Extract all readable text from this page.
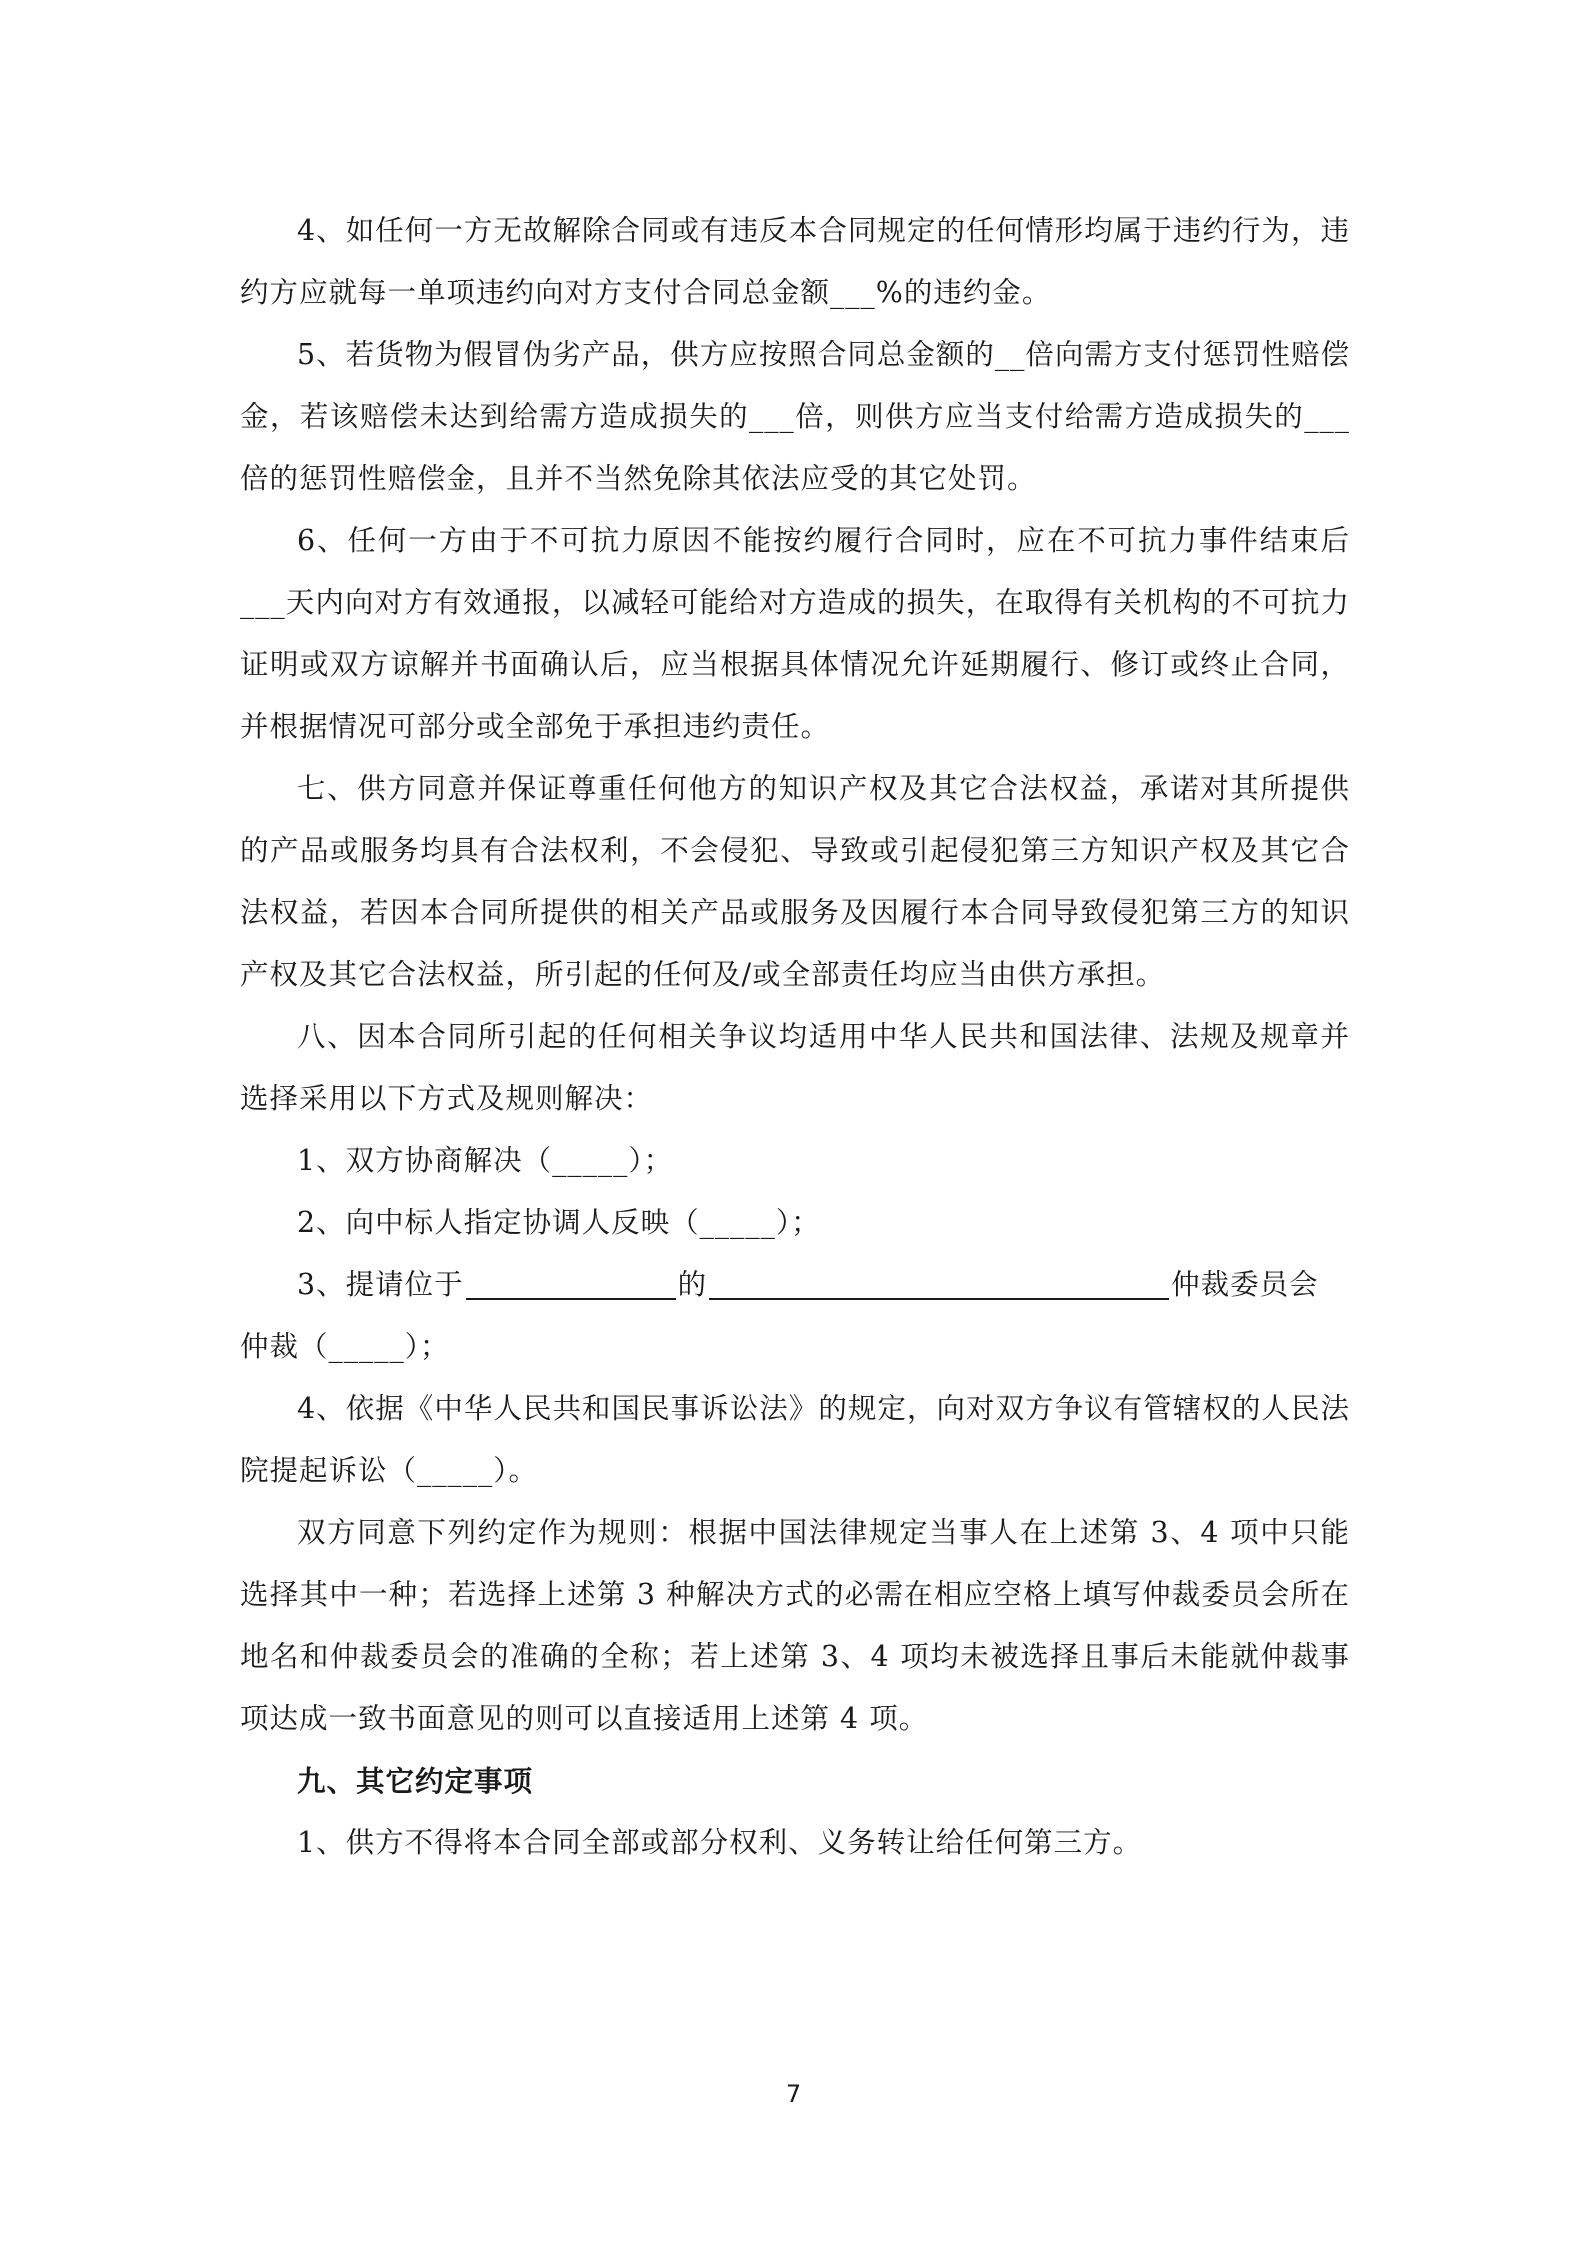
4、如任何一方无故解除合同或有违反本合同规定的任何情形均属于违约行为，违约方应就每一单项违约向对方支付合同总金额___%的违约金。

5、若货物为假冒伪劣产品，供方应按照合同总金额的__倍向需方支付惩罚性赔偿金，若该赔偿未达到给需方造成损失的___倍，则供方应当支付给需方造成损失的___倍的惩罚性赔偿金，且并不当然免除其依法应受的其它处罚。

6、任何一方由于不可抗力原因不能按约履行合同时，应在不可抗力事件结束后___天内向对方有效通报，以减轻可能给对方造成的损失，在取得有关机构的不可抗力证明或双方谅解并书面确认后，应当根据具体情况允许延期履行、修订或终止合同，并根据情况可部分或全部免于承担违约责任。

七、供方同意并保证尊重任何他方的知识产权及其它合法权益，承诺对其所提供的产品或服务均具有合法权利，不会侵犯、导致或引起侵犯第三方知识产权及其它合法权益，若因本合同所提供的相关产品或服务及因履行本合同导致侵犯第三方的知识产权及其它合法权益，所引起的任何及/或全部责任均应当由供方承担。

八、因本合同所引起的任何相关争议均适用中华人民共和国法律、法规及规章并选择采用以下方式及规则解决：

1、双方协商解决（_____）；

2、向中标人指定协调人反映（_____）；

3、提请位于	的	仲裁委员会

仲裁（_____）；

4、依据《中华人民共和国民事诉讼法》的规定，向对双方争议有管辖权的人民法院提起诉讼（_____）。

双方同意下列约定作为规则：根据中国法律规定当事人在上述第 3、4 项中只能选择其中一种；若选择上述第 3 种解决方式的必需在相应空格上填写仲裁委员会所在地名和仲裁委员会的准确的全称；若上述第 3、4 项均未被选择且事后未能就仲裁事项达成一致书面意见的则可以直接适用上述第 4 项。

九、其它约定事项

1、供方不得将本合同全部或部分权利、义务转让给任何第三方。

7
